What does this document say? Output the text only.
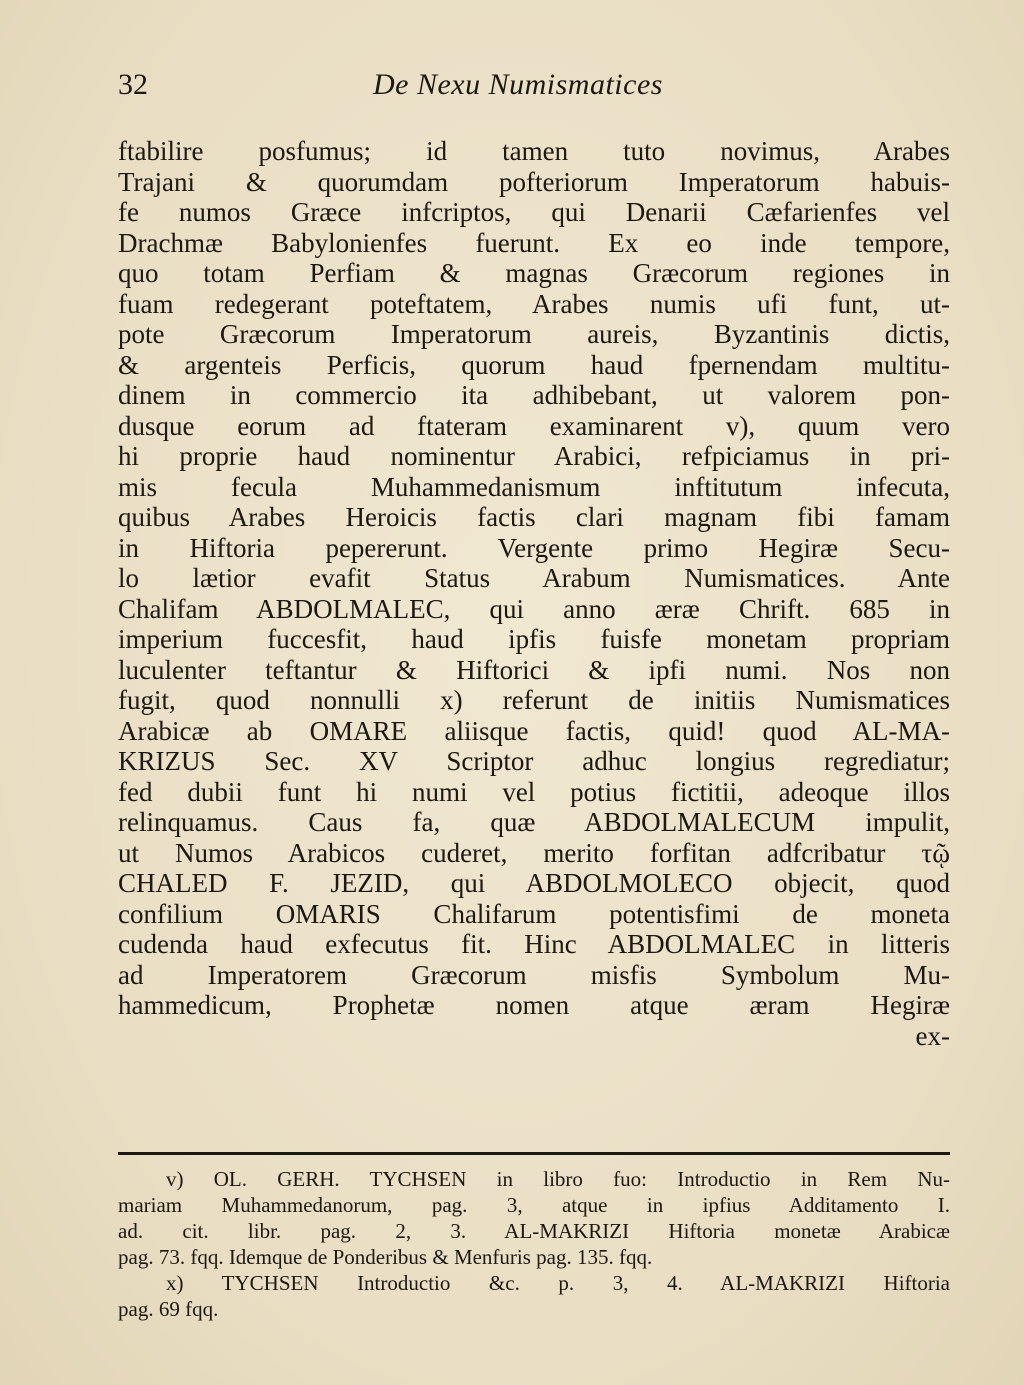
32	De Nexu Numismatices
ftabilire posfumus; id tamen tuto novimus, Arabes
Trajani & quorumdam pofteriorum Imperatorum habuis-
fe numos Græce infcriptos, qui Denarii Cæfarienfes vel
Drachmæ Babylonienfes fuerunt. Ex eo inde tempore,
quo totam Perfiam & magnas Græcorum regiones in
fuam redegerant poteftatem, Arabes numis ufi funt, ut-
pote Græcorum Imperatorum aureis, Byzantinis dictis,
& argenteis Perficis, quorum haud fpernendam multitu-
dinem in commercio ita adhibebant, ut valorem pon-
dusque eorum ad ftateram examinarent v), quum vero
hi proprie haud nominentur Arabici, refpiciamus in pri-
mis fecula Muhammedanismum inftitutum infecuta,
quibus Arabes Heroicis factis clari magnam fibi famam
in Hiftoria pepererunt. Vergente primo Hegiræ Secu-
lo lætior evafit Status Arabum Numismatices. Ante
Chalifam ABDOLMALEC, qui anno æræ Chrift. 685 in
imperium fuccesfit, haud ipfis fuisfe monetam propriam
luculenter teftantur & Hiftorici & ipfi numi. Nos non
fugit, quod nonnulli x) referunt de initiis Numismatices
Arabicæ ab OMARE aliisque factis, quid! quod AL-MA-
KRIZUS Sec. XV Scriptor adhuc longius regrediatur;
fed dubii funt hi numi vel potius fictitii, adeoque illos
relinquamus. Caus fa, quæ ABDOLMALECUM impulit,
ut Numos Arabicos cuderet, merito forfitan adfcribatur τῷ
CHALED F. JEZID, qui ABDOLMOLECO objecit, quod
confilium OMARIS Chalifarum potentisfimi de moneta
cudenda haud exfecutus fit. Hinc ABDOLMALEC in litteris
ad Imperatorem Græcorum misfis Symbolum Mu-
hammedicum, Prophetæ nomen atque æram Hegiræ
ex-
v) OL. GERH. TYCHSEN in libro fuo: Introductio in Rem Nu-
mariam Muhammedanorum, pag. 3, atque in ipfius Additamento I.
ad. cit. libr. pag. 2, 3. AL-MAKRIZI Hiftoria monetæ Arabicæ
pag. 73. fqq. Idemque de Ponderibus & Menfuris pag. 135. fqq.
x) TYCHSEN Introductio &c. p. 3, 4. AL-MAKRIZI Hiftoria
pag. 69 fqq.
